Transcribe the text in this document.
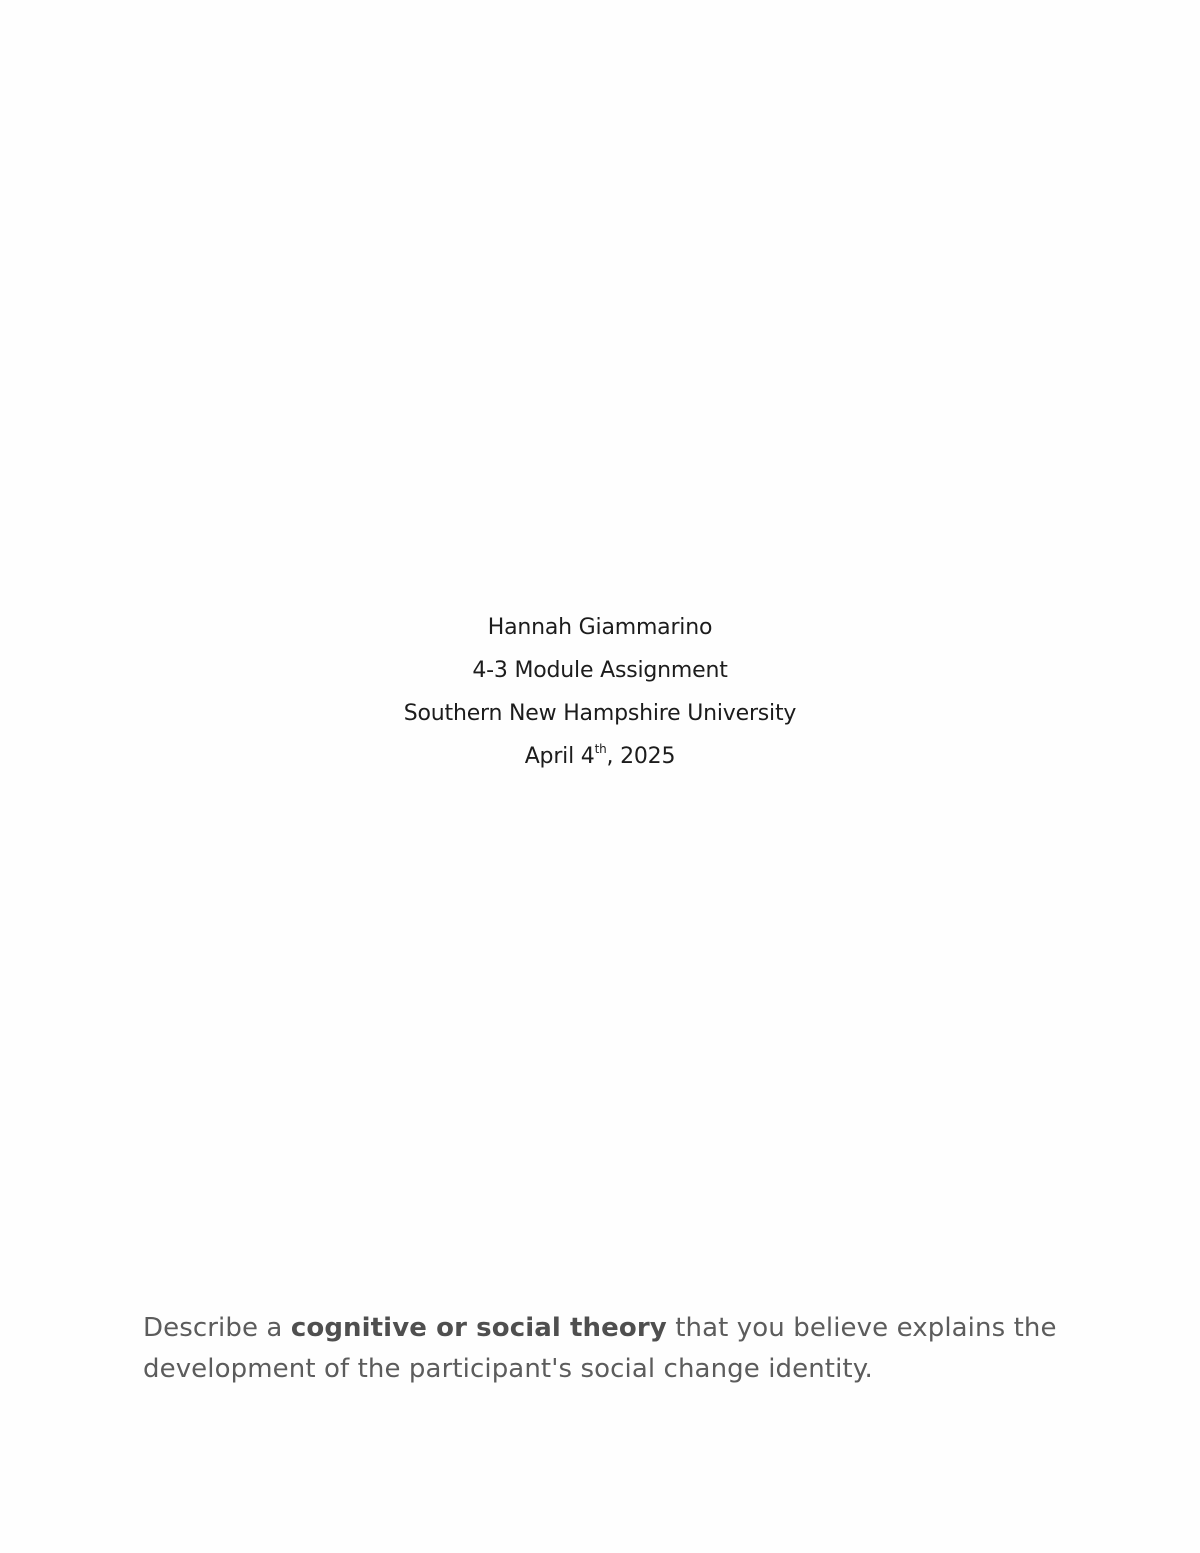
Hannah Giammarino
4-3 Module Assignment
Southern New Hampshire University
April 4th, 2025
Describe a cognitive or social theory that you believe explains the development of the participant's social change identity.
